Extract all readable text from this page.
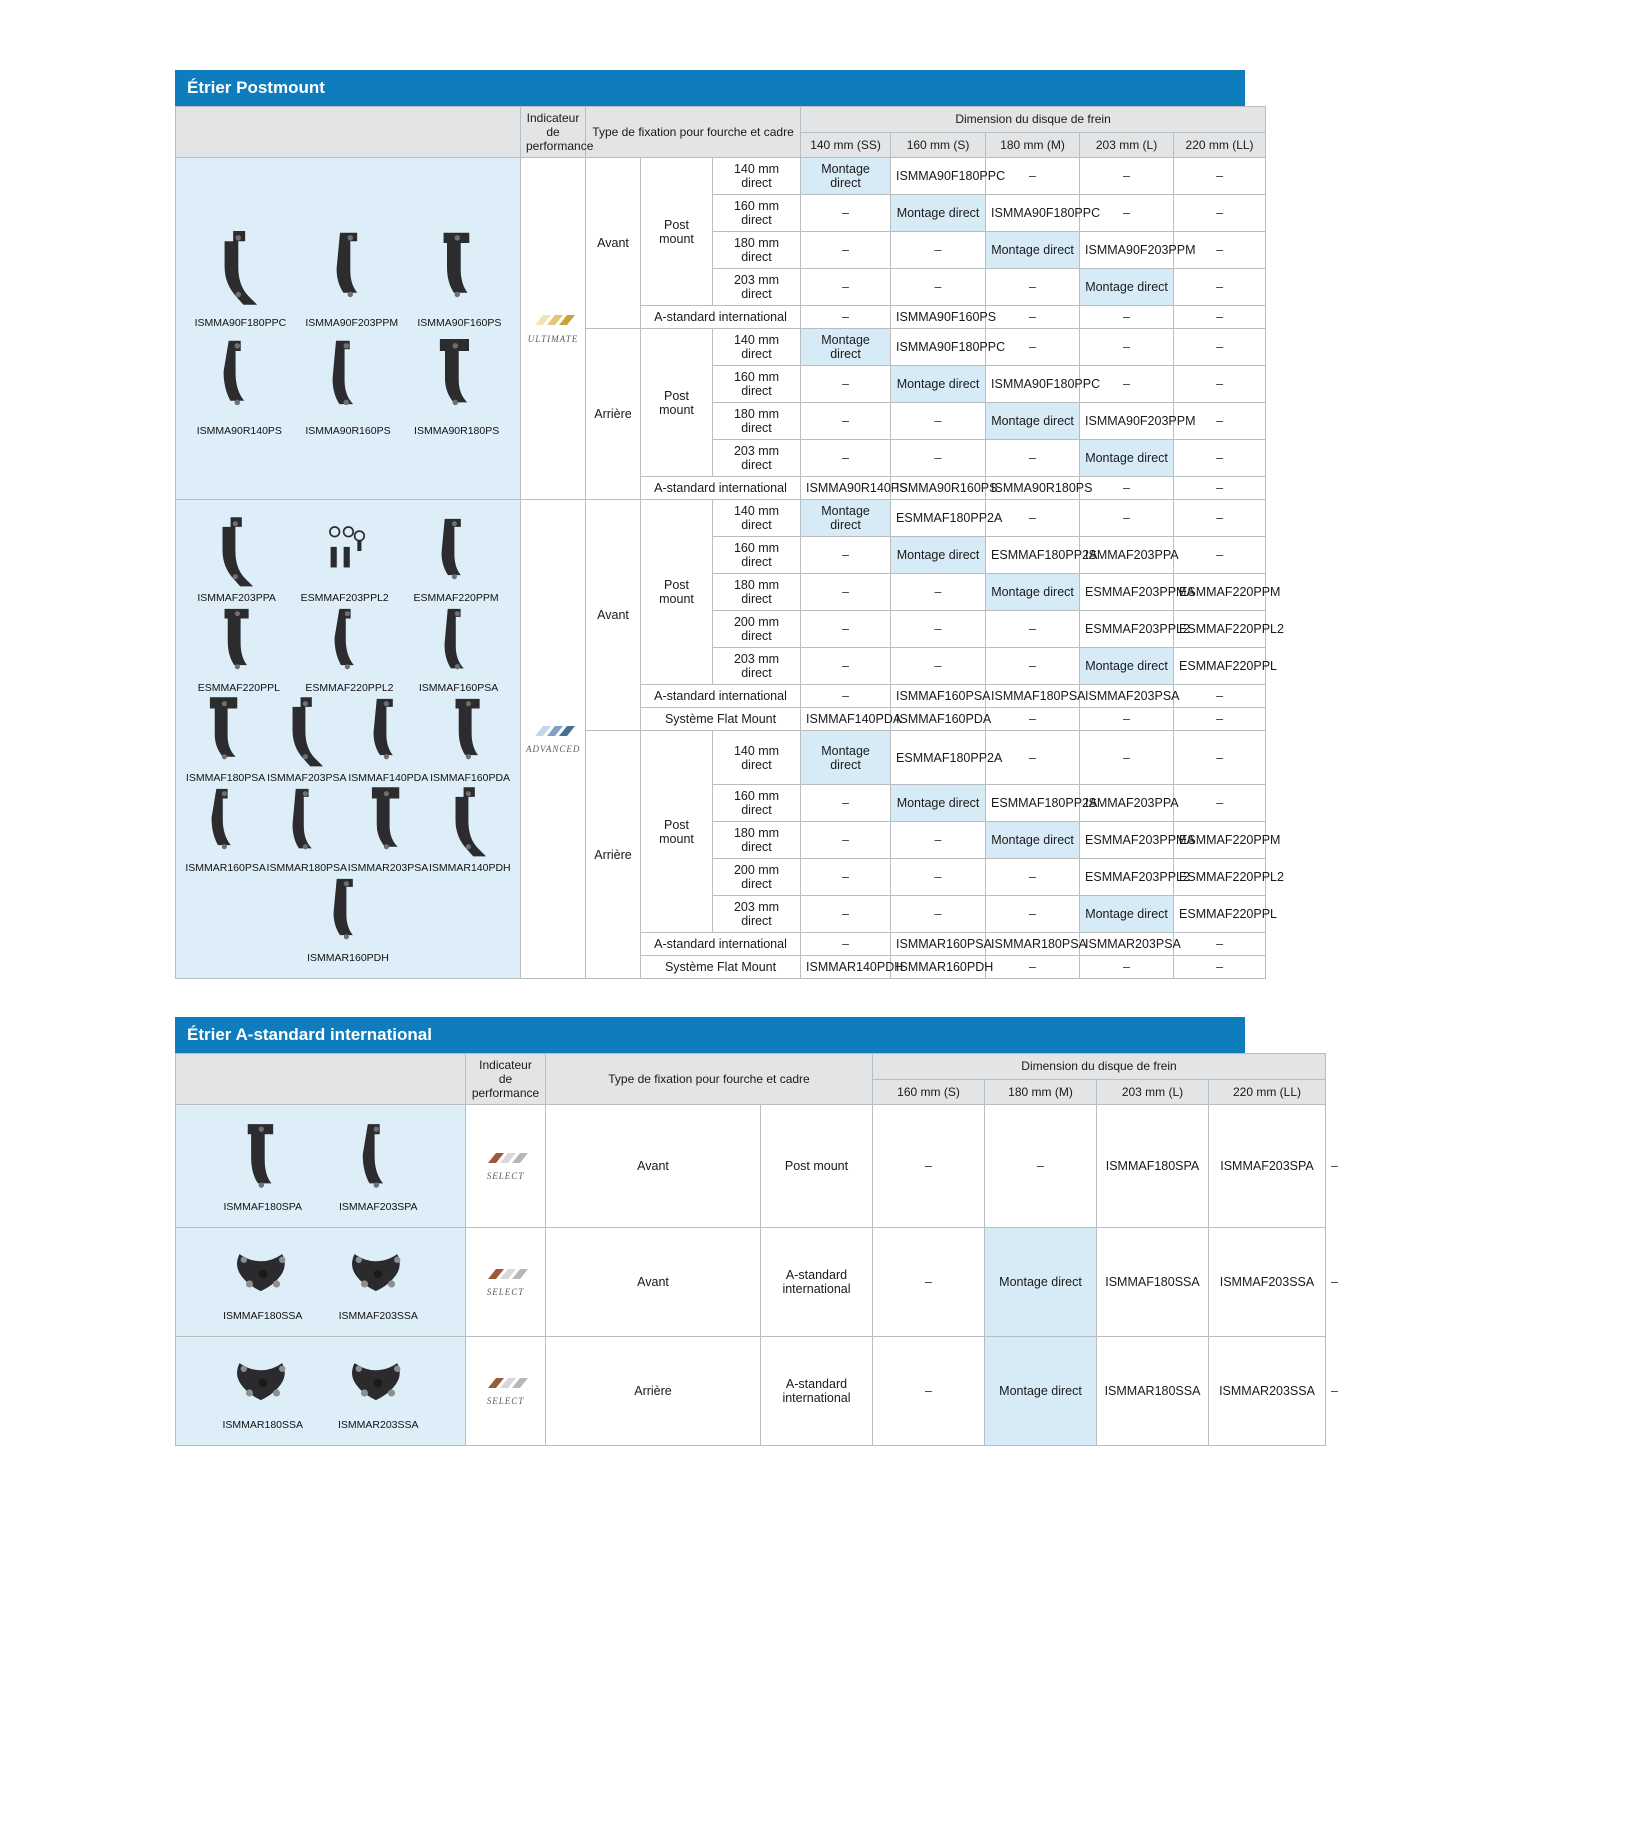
Étrier Postmount
	Indicateur de performance	Type de fixation pour fourche et cadre			Dimension du disque de frein				
					140 mm (SS)	160 mm (S)	180 mm (M)	203 mm (L)	220 mm (LL)

ISMMA90F180PPC ISMMA90F203PPM ISMMA90F160PS
ISMMA90R140PS ISMMA90R160PS ISMMA90R180PS

ULTIMATE
	Avant	Post mount	140 mm direct	Montage direct	ISMMA90F180PPC	–	–	–
				160 mm direct	–	Montage direct	ISMMA90F180PPC	–	–
				180 mm direct	–	–	Montage direct	ISMMA90F203PPM	–
				203 mm direct	–	–	–	Montage direct	–
			A-standard international		–	ISMMA90F160PS	–	–	–
		Arrière	Post mount	140 mm direct	Montage direct	ISMMA90F180PPC	–	–	–
				160 mm direct	–	Montage direct	ISMMA90F180PPC	–	–
				180 mm direct	–	–	Montage direct	ISMMA90F203PPM	–
				203 mm direct	–	–	–	Montage direct	–
			A-standard international		ISMMA90R140PS	ISMMA90R160PS	ISMMA90R180PS	–	–

ISMMAF203PPA ESMMAF203PPL2 ESMMAF220PPM
ESMMAF220PPL ESMMAF220PPL2 ISMMAF160PSA
ISMMAF180PSA ISMMAF203PSA ISMMAF140PDA ISMMAF160PDA
ISMMAR160PSA ISMMAR180PSA ISMMAR203PSA ISMMAR140PDH
ISMMAR160PDH

ADVANCED
	Avant	Post mount	140 mm direct	Montage direct	ESMMAF180PP2A	–	–	–
				160 mm direct	–	Montage direct	ESMMAF180PP2A	ISMMAF203PPA	–
				180 mm direct	–	–	Montage direct	ESMMAF203PPMA	ESMMAF220PPM
				200 mm direct	–	–	–	ESMMAF203PPL2	ESMMAF220PPL2
				203 mm direct	–	–	–	Montage direct	ESMMAF220PPL
			A-standard international		–	ISMMAF160PSA	ISMMAF180PSA	ISMMAF203PSA	–
			Système Flat Mount		ISMMAF140PDA	ISMMAF160PDA	–	–	–
		Arrière	Post mount	140 mm direct	Montage direct	ESMMAF180PP2A	–	–	–
				160 mm direct	–	Montage direct	ESMMAF180PP2A	ISMMAF203PPA	–
				180 mm direct	–	–	Montage direct	ESMMAF203PPMA	ESMMAF220PPM
				200 mm direct	–	–	–	ESMMAF203PPL2	ESMMAF220PPL2
				203 mm direct	–	–	–	Montage direct	ESMMAF220PPL
			A-standard international		–	ISMMAR160PSA	ISMMAR180PSA	ISMMAR203PSA	–
			Système Flat Mount		ISMMAR140PDH	ISMMAR160PDH	–	–	–
Étrier A-standard international
	Indicateur de performance	Type de fixation pour fourche et cadre		Dimension du disque de frein				
				160 mm (S)	180 mm (M)	203 mm (L)	220 mm (LL)	

ISMMAF180SPA ISMMAF203SPA	SELECT	Avant	Post mount	–	–	ISMMAF180SPA	ISMMAF203SPA	–

ISMMAF180SSA ISMMAF203SSA	SELECT	Avant	A-standard international	–	Montage direct	ISMMAF180SSA	ISMMAF203SSA	–

ISMMAR180SSA ISMMAR203SSA	SELECT	Arrière	A-standard international	–	Montage direct	ISMMAR180SSA	ISMMAR203SSA	–
